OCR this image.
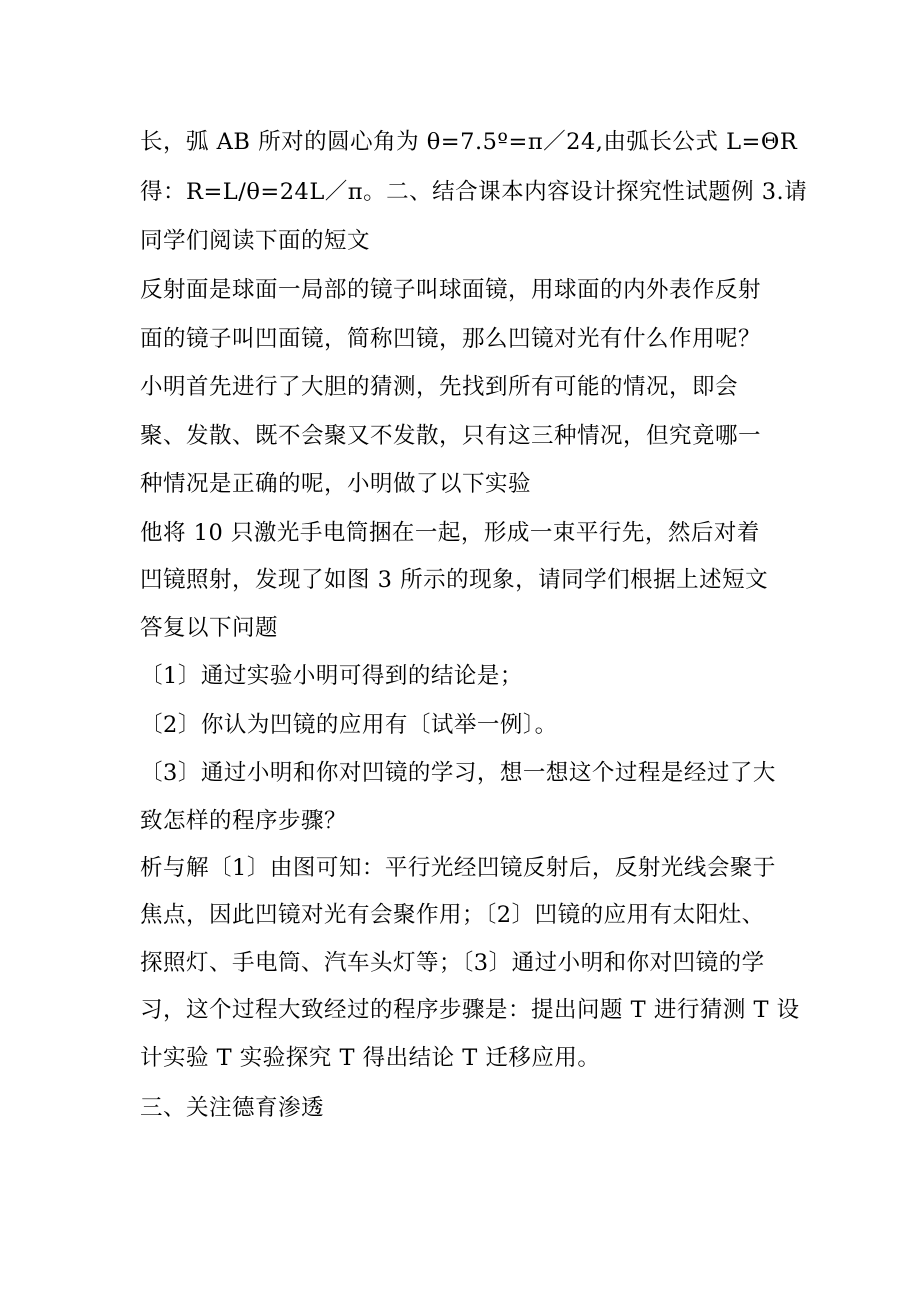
长，弧 AB 所对的圆心角为 θ=7.5º=π／24,由弧长公式 L=ΘR
得：R=L/θ=24L／π。二、结合课本内容设计探究性试题例 3.请
同学们阅读下面的短文
反射面是球面一局部的镜子叫球面镜，用球面的内外表作反射
面的镜子叫凹面镜，简称凹镜，那么凹镜对光有什么作用呢？
小明首先进行了大胆的猜测，先找到所有可能的情况，即会
聚、发散、既不会聚又不发散，只有这三种情况，但究竟哪一
种情况是正确的呢，小明做了以下实验
他将 10 只激光手电筒捆在一起，形成一束平行先，然后对着
凹镜照射，发现了如图 3 所示的现象，请同学们根据上述短文
答复以下问题
〔1〕通过实验小明可得到的结论是；
〔2〕你认为凹镜的应用有〔试举一例〕。
〔3〕通过小明和你对凹镜的学习，想一想这个过程是经过了大
致怎样的程序步骤？
析与解〔1〕由图可知：平行光经凹镜反射后，反射光线会聚于
焦点，因此凹镜对光有会聚作用；〔2〕凹镜的应用有太阳灶、
探照灯、手电筒、汽车头灯等；〔3〕通过小明和你对凹镜的学
习，这个过程大致经过的程序步骤是：提出问题 T 进行猜测 T 设
计实验 T 实验探究 T 得出结论 T 迁移应用。
三、关注德育渗透
